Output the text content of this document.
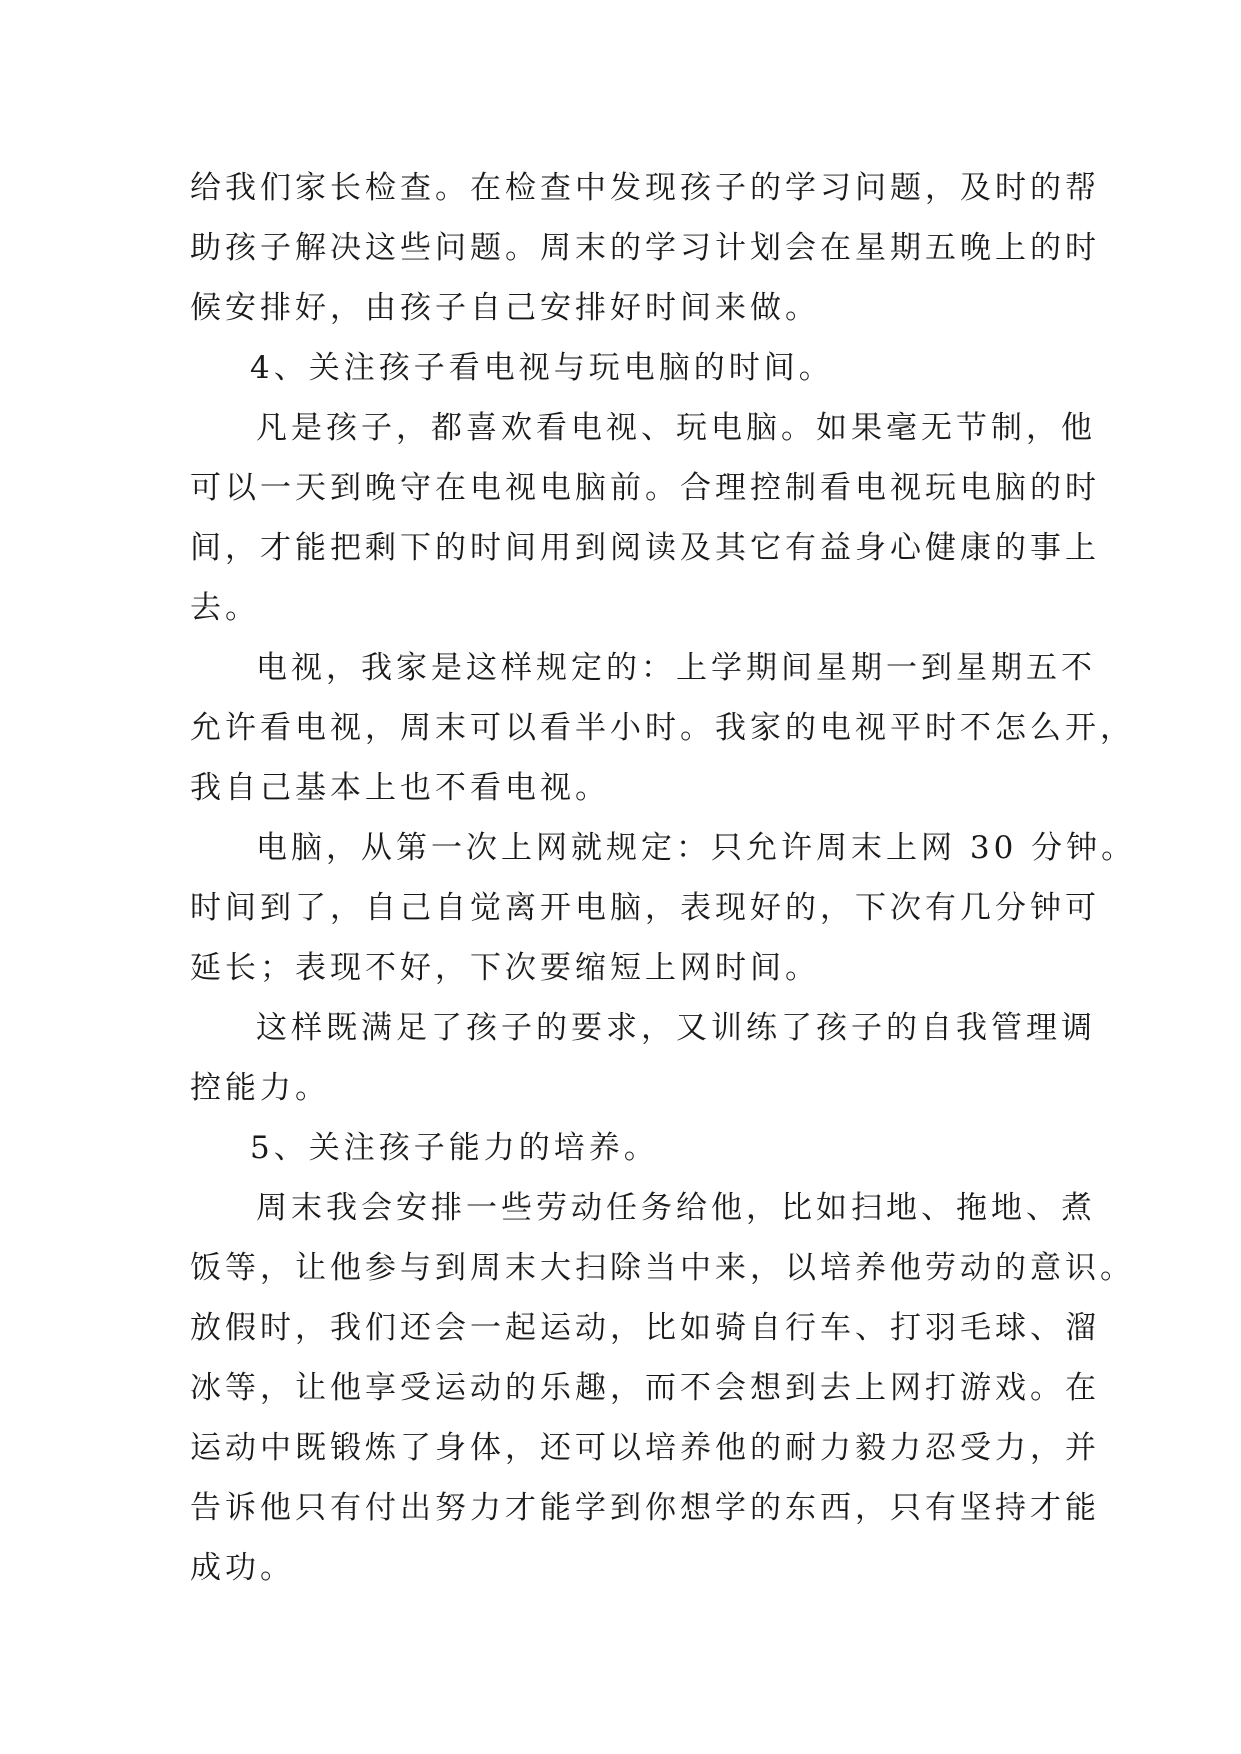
给我们家长检查。在检查中发现孩子的学习问题，及时的帮
助孩子解决这些问题。周末的学习计划会在星期五晚上的时
候安排好，由孩子自己安排好时间来做。
4、关注孩子看电视与玩电脑的时间。
凡是孩子，都喜欢看电视、玩电脑。如果毫无节制，他
可以一天到晚守在电视电脑前。合理控制看电视玩电脑的时
间，才能把剩下的时间用到阅读及其它有益身心健康的事上
去。
电视，我家是这样规定的：上学期间星期一到星期五不
允许看电视，周末可以看半小时。我家的电视平时不怎么开，
我自己基本上也不看电视。
电脑，从第一次上网就规定：只允许周末上网 30 分钟。
时间到了，自己自觉离开电脑，表现好的，下次有几分钟可
延长；表现不好，下次要缩短上网时间。
这样既满足了孩子的要求，又训练了孩子的自我管理调
控能力。
5、关注孩子能力的培养。
周末我会安排一些劳动任务给他，比如扫地、拖地、煮
饭等，让他参与到周末大扫除当中来，以培养他劳动的意识。
放假时，我们还会一起运动，比如骑自行车、打羽毛球、溜
冰等，让他享受运动的乐趣，而不会想到去上网打游戏。在
运动中既锻炼了身体，还可以培养他的耐力毅力忍受力，并
告诉他只有付出努力才能学到你想学的东西，只有坚持才能
成功。
